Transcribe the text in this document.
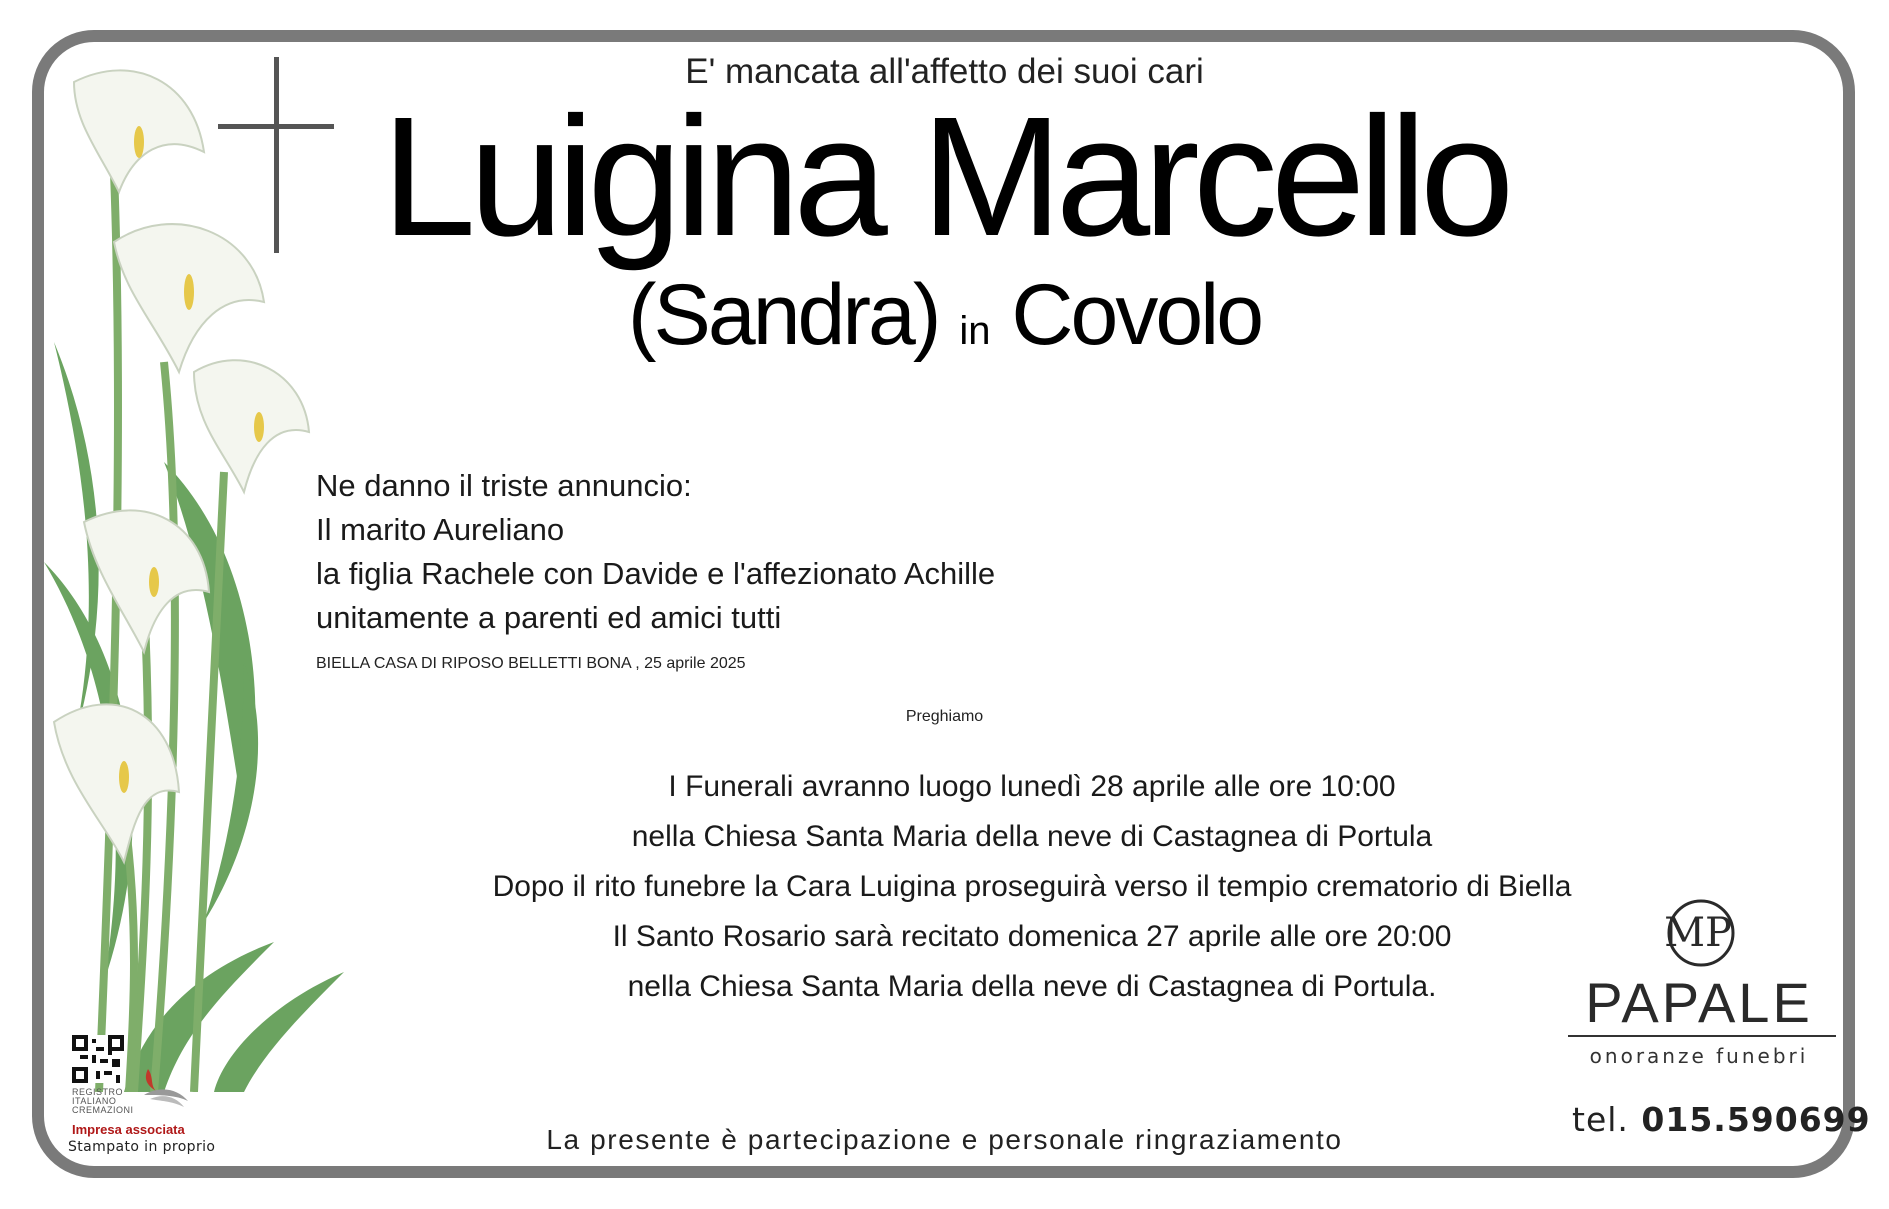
E' mancata all'affetto dei suoi cari
Luigina Marcello
(Sandra) in Covolo
Ne danno il triste annuncio:
Il marito Aureliano
la figlia Rachele con Davide e l'affezionato Achille
unitamente a parenti ed amici tutti
BIELLA CASA DI RIPOSO BELLETTI BONA , 25 aprile 2025
Preghiamo
I Funerali avranno luogo lunedì 28 aprile alle ore 10:00
nella Chiesa Santa Maria della neve di Castagnea di Portula
Dopo il rito funebre la Cara Luigina proseguirà verso il tempio crematorio di Biella
Il Santo Rosario sarà recitato domenica 27 aprile alle ore 20:00
nella Chiesa Santa Maria della neve di Castagnea di Portula.
La presente è partecipazione e personale ringraziamento
REGISTRO
ITALIANO
CREMAZIONI
Impresa associata
Stampato in proprio
MP
PAPALE
onoranze funebri
tel. 015.590699
